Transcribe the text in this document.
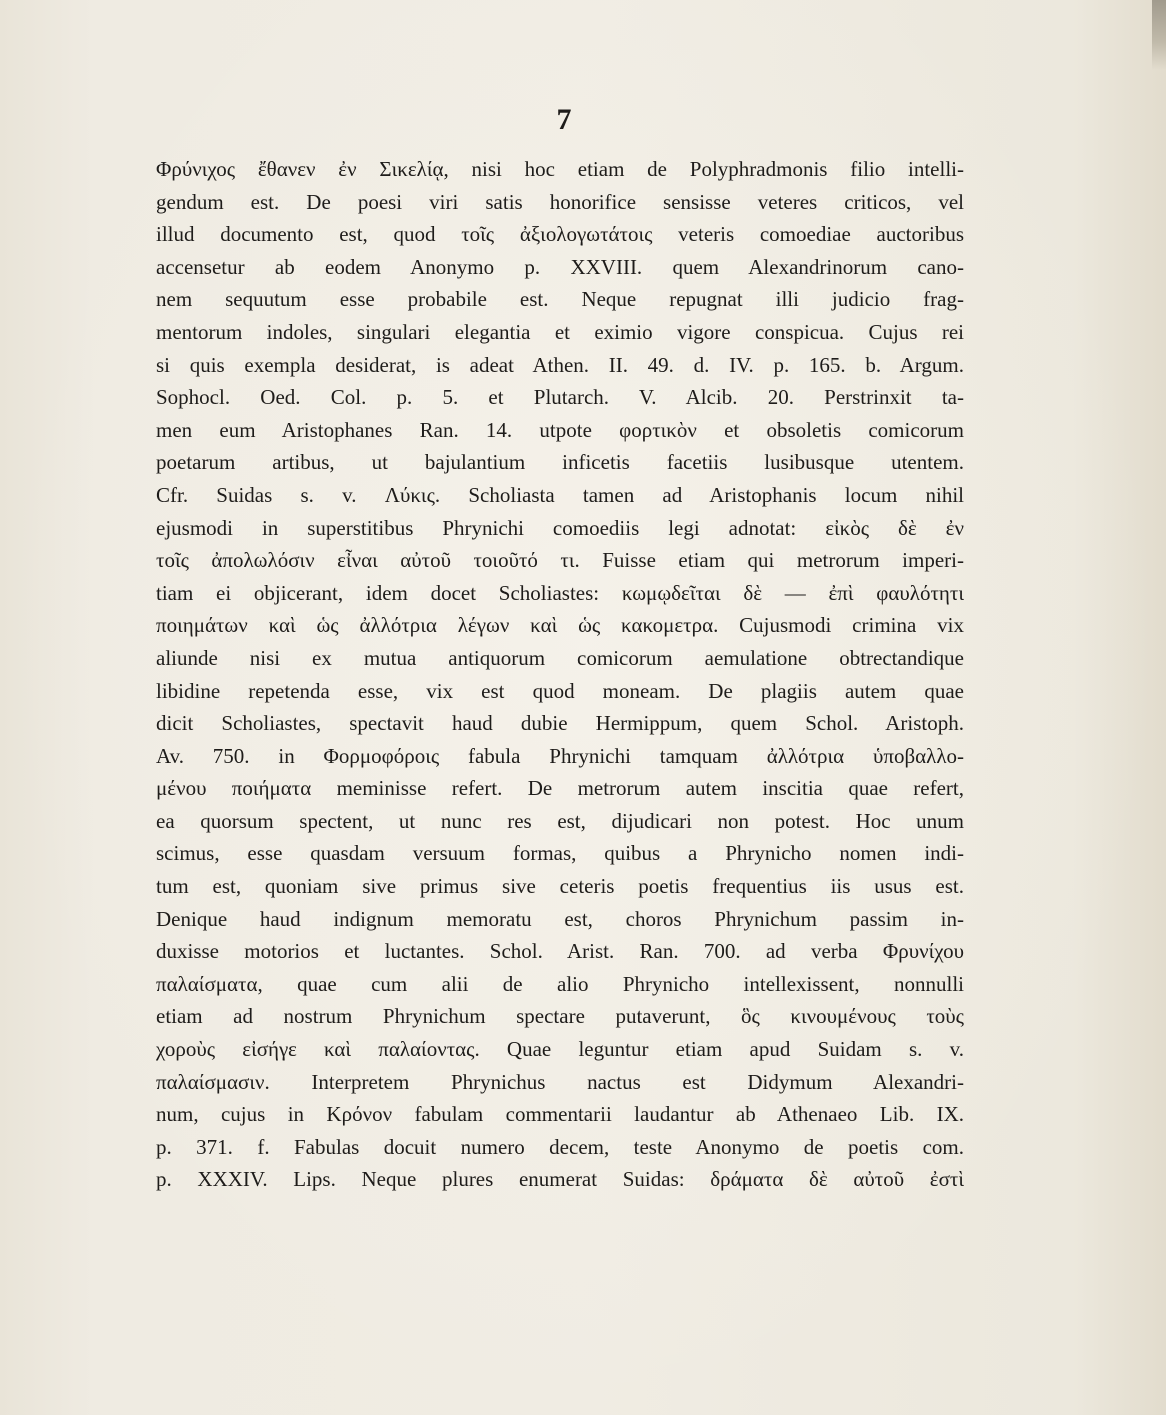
7
Φρύνιχος ἔθανεν ἐν Σικελίᾳ, nisi hoc etiam de Polyphradmonis filio intelli-
gendum est. De poesi viri satis honorifice sensisse veteres criticos, vel
illud documento est, quod τοῖς ἀξιολογωτάτοις veteris comoediae auctoribus
accensetur ab eodem Anonymo p. XXVIII. quem Alexandrinorum cano-
nem sequutum esse probabile est. Neque repugnat illi judicio frag-
mentorum indoles, singulari elegantia et eximio vigore conspicua. Cujus rei
si quis exempla desiderat, is adeat Athen. II. 49. d. IV. p. 165. b. Argum.
Sophocl. Oed. Col. p. 5. et Plutarch. V. Alcib. 20. Perstrinxit ta-
men eum Aristophanes Ran. 14. utpote φορτικὸν et obsoletis comicorum
poetarum artibus, ut bajulantium inficetis facetiis lusibusque utentem.
Cfr. Suidas s. v. Λύκις. Scholiasta tamen ad Aristophanis locum nihil
ejusmodi in superstitibus Phrynichi comoediis legi adnotat: εἰκὸς δὲ ἐν
τοῖς ἀπολωλόσιν εἶναι αὐτοῦ τοιοῦτό τι. Fuisse etiam qui metrorum imperi-
tiam ei objicerant, idem docet Scholiastes: κωμῳδεῖται δὲ — ἐπὶ φαυλότητι
ποιημάτων καὶ ὡς ἀλλότρια λέγων καὶ ὡς κακομετρα. Cujusmodi crimina vix
aliunde nisi ex mutua antiquorum comicorum aemulatione obtrectandique
libidine repetenda esse, vix est quod moneam. De plagiis autem quae
dicit Scholiastes, spectavit haud dubie Hermippum, quem Schol. Aristoph.
Av. 750. in Φορμοφόροις fabula Phrynichi tamquam ἀλλότρια ὑποβαλλο-
μένου ποιήματα meminisse refert. De metrorum autem inscitia quae refert,
ea quorsum spectent, ut nunc res est, dijudicari non potest. Hoc unum
scimus, esse quasdam versuum formas, quibus a Phrynicho nomen indi-
tum est, quoniam sive primus sive ceteris poetis frequentius iis usus est.
Denique haud indignum memoratu est, choros Phrynichum passim in-
duxisse motorios et luctantes. Schol. Arist. Ran. 700. ad verba Φρυνίχου
παλαίσματα, quae cum alii de alio Phrynicho intellexissent, nonnulli
etiam ad nostrum Phrynichum spectare putaverunt, ὃς κινουμένους τοὺς
χοροὺς εἰσήγε καὶ παλαίοντας. Quae leguntur etiam apud Suidam s. v.
παλαίσμασιν. Interpretem Phrynichus nactus est Didymum Alexandri-
num, cujus in Κρόνον fabulam commentarii laudantur ab Athenaeo Lib. IX.
p. 371. f. Fabulas docuit numero decem, teste Anonymo de poetis com.
p. XXXIV. Lips. Neque plures enumerat Suidas: δράματα δὲ αὐτοῦ ἐστὶ
